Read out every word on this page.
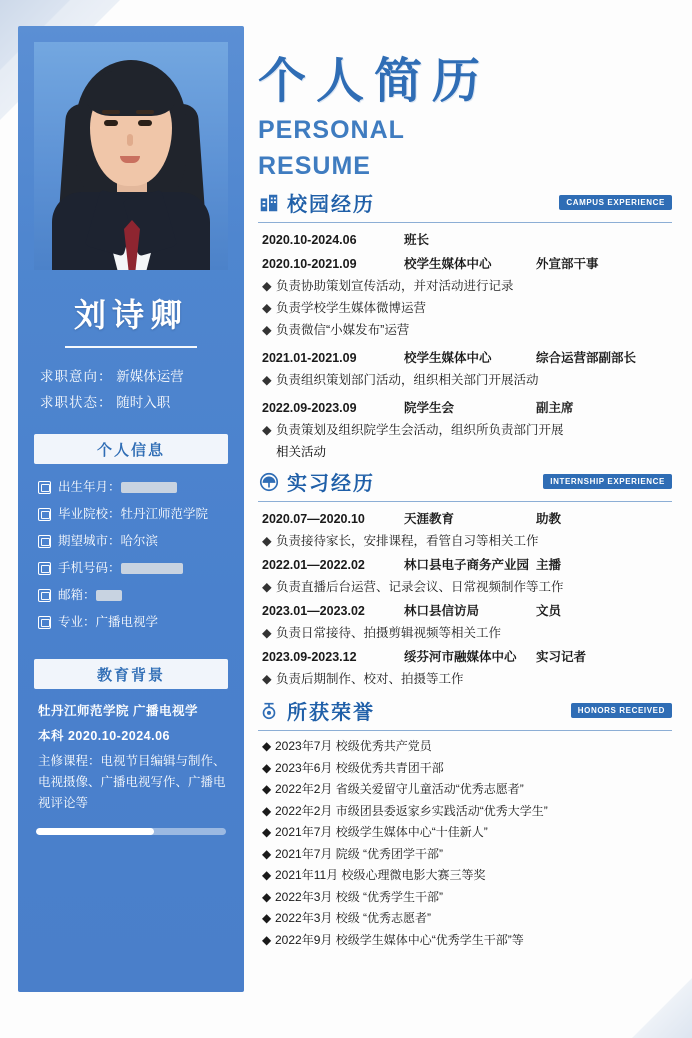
刘诗卿
求职意向： 新媒体运营
求职状态： 随时入职
个人信息
出生年月：
毕业院校： 牡丹江师范学院
期望城市： 哈尔滨
手机号码：
邮箱：
专业： 广播电视学
教育背景
牡丹江师范学院 广播电视学
本科 2020.10-2024.06
主修课程：电视节目编辑与制作、
电视摄像、广播电视写作、广播电
视评论等
个人简历
PERSONAL
RESUME
校园经历	CAMPUS EXPERIENCE
2020.10-2024.06	班长
2020.10-2021.09	校学生媒体中心	外宣部干事
◆ 负责协助策划宣传活动，并对活动进行记录
◆ 负责学校学生媒体微博运营
◆ 负责微信“小媒发布”运营
2021.01-2021.09	校学生媒体中心	综合运营部副部长
◆ 负责组织策划部门活动，组织相关部门开展活动
2022.09-2023.09	院学生会	副主席
◆ 负责策划及组织院学生会活动，组织所负责部门开展
相关活动
实习经历	INTERNSHIP EXPERIENCE
2020.07—2020.10	天涯教育	助教
◆ 负责接待家长，安排课程，看管自习等相关工作
2022.01—2022.02	林口县电子商务产业园 主播
◆ 负责直播后台运营、记录会议、日常视频制作等工作
2023.01—2023.02	林口县信访局	文员
◆ 负责日常接待、拍摄剪辑视频等相关工作
2023.09-2023.12	绥芬河市融媒体中心	实习记者
◆ 负责后期制作、校对、拍摄等工作
所获荣誉	HONORS RECEIVED
◆ 2023年7月 校级优秀共产党员
◆ 2023年6月 校级优秀共青团干部
◆ 2022年2月 省级关爱留守儿童活动“优秀志愿者”
◆ 2022年2月 市级团县委返家乡实践活动“优秀大学生”
◆ 2021年7月 校级学生媒体中心“十佳新人”
◆ 2021年7月 院级 “优秀团学干部”
◆ 2021年11月 校级心理微电影大赛三等奖
◆ 2022年3月 校级 “优秀学生干部”
◆ 2022年3月 校级 “优秀志愿者”
◆ 2022年9月 校级学生媒体中心“优秀学生干部”等
